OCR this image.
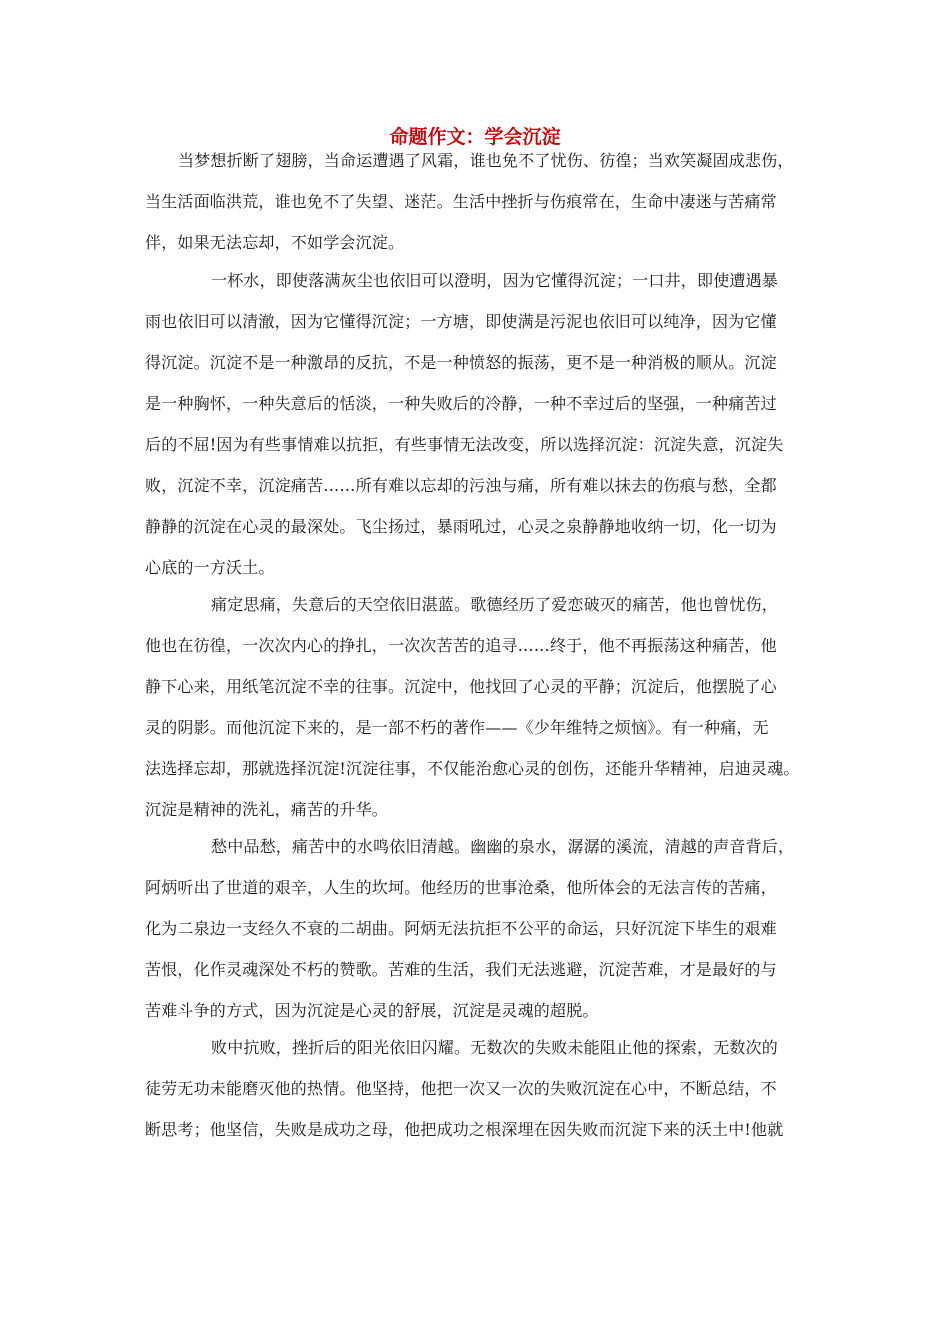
命题作文：学会沉淀
当梦想折断了翅膀，当命运遭遇了风霜，谁也免不了忧伤、彷徨；当欢笑凝固成悲伤，
当生活面临洪荒，谁也免不了失望、迷茫。生活中挫折与伤痕常在，生命中凄迷与苦痛常
伴，如果无法忘却，不如学会沉淀。
一杯水，即使落满灰尘也依旧可以澄明，因为它懂得沉淀；一口井，即使遭遇暴
雨也依旧可以清澈，因为它懂得沉淀；一方塘，即使满是污泥也依旧可以纯净，因为它懂
得沉淀。沉淀不是一种激昂的反抗，不是一种愤怒的振荡，更不是一种消极的顺从。沉淀
是一种胸怀，一种失意后的恬淡，一种失败后的冷静，一种不幸过后的坚强，一种痛苦过
后的不屈!因为有些事情难以抗拒，有些事情无法改变，所以选择沉淀：沉淀失意，沉淀失
败，沉淀不幸，沉淀痛苦……所有难以忘却的污浊与痛，所有难以抹去的伤痕与愁，全都
静静的沉淀在心灵的最深处。飞尘扬过，暴雨吼过，心灵之泉静静地收纳一切，化一切为
心底的一方沃土。
痛定思痛，失意后的天空依旧湛蓝。歌德经历了爱恋破灭的痛苦，他也曾忧伤，
他也在彷徨，一次次内心的挣扎，一次次苦苦的追寻……终于，他不再振荡这种痛苦，他
静下心来，用纸笔沉淀不幸的往事。沉淀中，他找回了心灵的平静；沉淀后，他摆脱了心
灵的阴影。而他沉淀下来的，是一部不朽的著作——《少年维特之烦恼》。有一种痛，无
法选择忘却，那就选择沉淀!沉淀往事，不仅能治愈心灵的创伤，还能升华精神，启迪灵魂。
沉淀是精神的洗礼，痛苦的升华。
愁中品愁，痛苦中的水鸣依旧清越。幽幽的泉水，潺潺的溪流，清越的声音背后，
阿炳听出了世道的艰辛，人生的坎坷。他经历的世事沧桑，他所体会的无法言传的苦痛，
化为二泉边一支经久不衰的二胡曲。阿炳无法抗拒不公平的命运，只好沉淀下毕生的艰难
苦恨，化作灵魂深处不朽的赞歌。苦难的生活，我们无法逃避，沉淀苦难，才是最好的与
苦难斗争的方式，因为沉淀是心灵的舒展，沉淀是灵魂的超脱。
败中抗败，挫折后的阳光依旧闪耀。无数次的失败未能阻止他的探索，无数次的
徒劳无功未能磨灭他的热情。他坚持，他把一次又一次的失败沉淀在心中，不断总结，不
断思考；他坚信，失败是成功之母，他把成功之根深埋在因失败而沉淀下来的沃土中!他就
